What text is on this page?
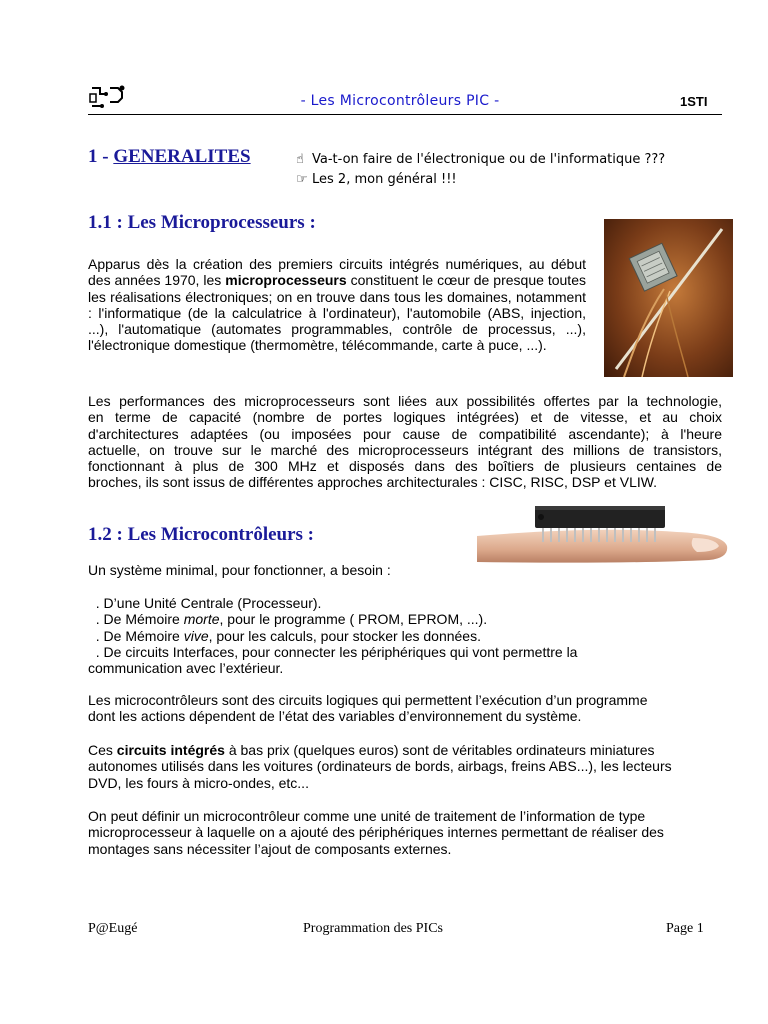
- Les Microcontrôleurs PIC -	1STI
1 - GENERALITES	☝ Va-t-on faire de l'électronique ou de l'informatique ???
☞ Les 2, mon général !!!
1.1 : Les Microprocesseurs :
Apparus dès la création des premiers circuits intégrés numériques, au début des années 1970, les microprocesseurs constituent le cœur de presque toutes les réalisations électroniques; on en trouve dans tous les domaines, notamment : l'informatique (de la calculatrice à l'ordinateur), l'automobile (ABS, injection, ...), l'automatique (automates programmables, contrôle de processus, ...), l'électronique domestique (thermomètre, télécommande, carte à puce, ...).
Les performances des microprocesseurs sont liées aux possibilités offertes par la technologie,
en terme de capacité (nombre de portes logiques intégrées) et de vitesse, et au choix
d'architectures adaptées (ou imposées pour cause de compatibilité ascendante); à l'heure
actuelle, on trouve sur le marché des microprocesseurs intégrant des millions de transistors,
fonctionnant à plus de 300 MHz et disposés dans des boîtiers de plusieurs centaines de
broches, ils sont issus de différentes approches architecturales : CISC, RISC, DSP et VLIW.
1.2 : Les Microcontrôleurs :
Un système minimal, pour fonctionner, a besoin :
. D’une Unité Centrale (Processeur).
. De Mémoire morte, pour le programme ( PROM, EPROM, ...).
. De Mémoire vive, pour les calculs, pour stocker les données.
. De circuits Interfaces, pour connecter les périphériques qui vont permettre la
communication avec l’extérieur.
Les microcontrôleurs sont des circuits logiques qui permettent l’exécution d’un programme
dont les actions dépendent de l’état des variables d’environnement du système.
Ces circuits intégrés à bas prix (quelques euros) sont de véritables ordinateurs miniatures
autonomes utilisés dans les voitures (ordinateurs de bords, airbags, freins ABS...), les lecteurs
DVD, les fours à micro-ondes, etc...
On peut définir un microcontrôleur comme une unité de traitement de l’information de type
microprocesseur à laquelle on a ajouté des périphériques internes permettant de réaliser des
montages sans nécessiter l’ajout de composants externes.
P@Eugé	Programmation des PICs	Page 1
